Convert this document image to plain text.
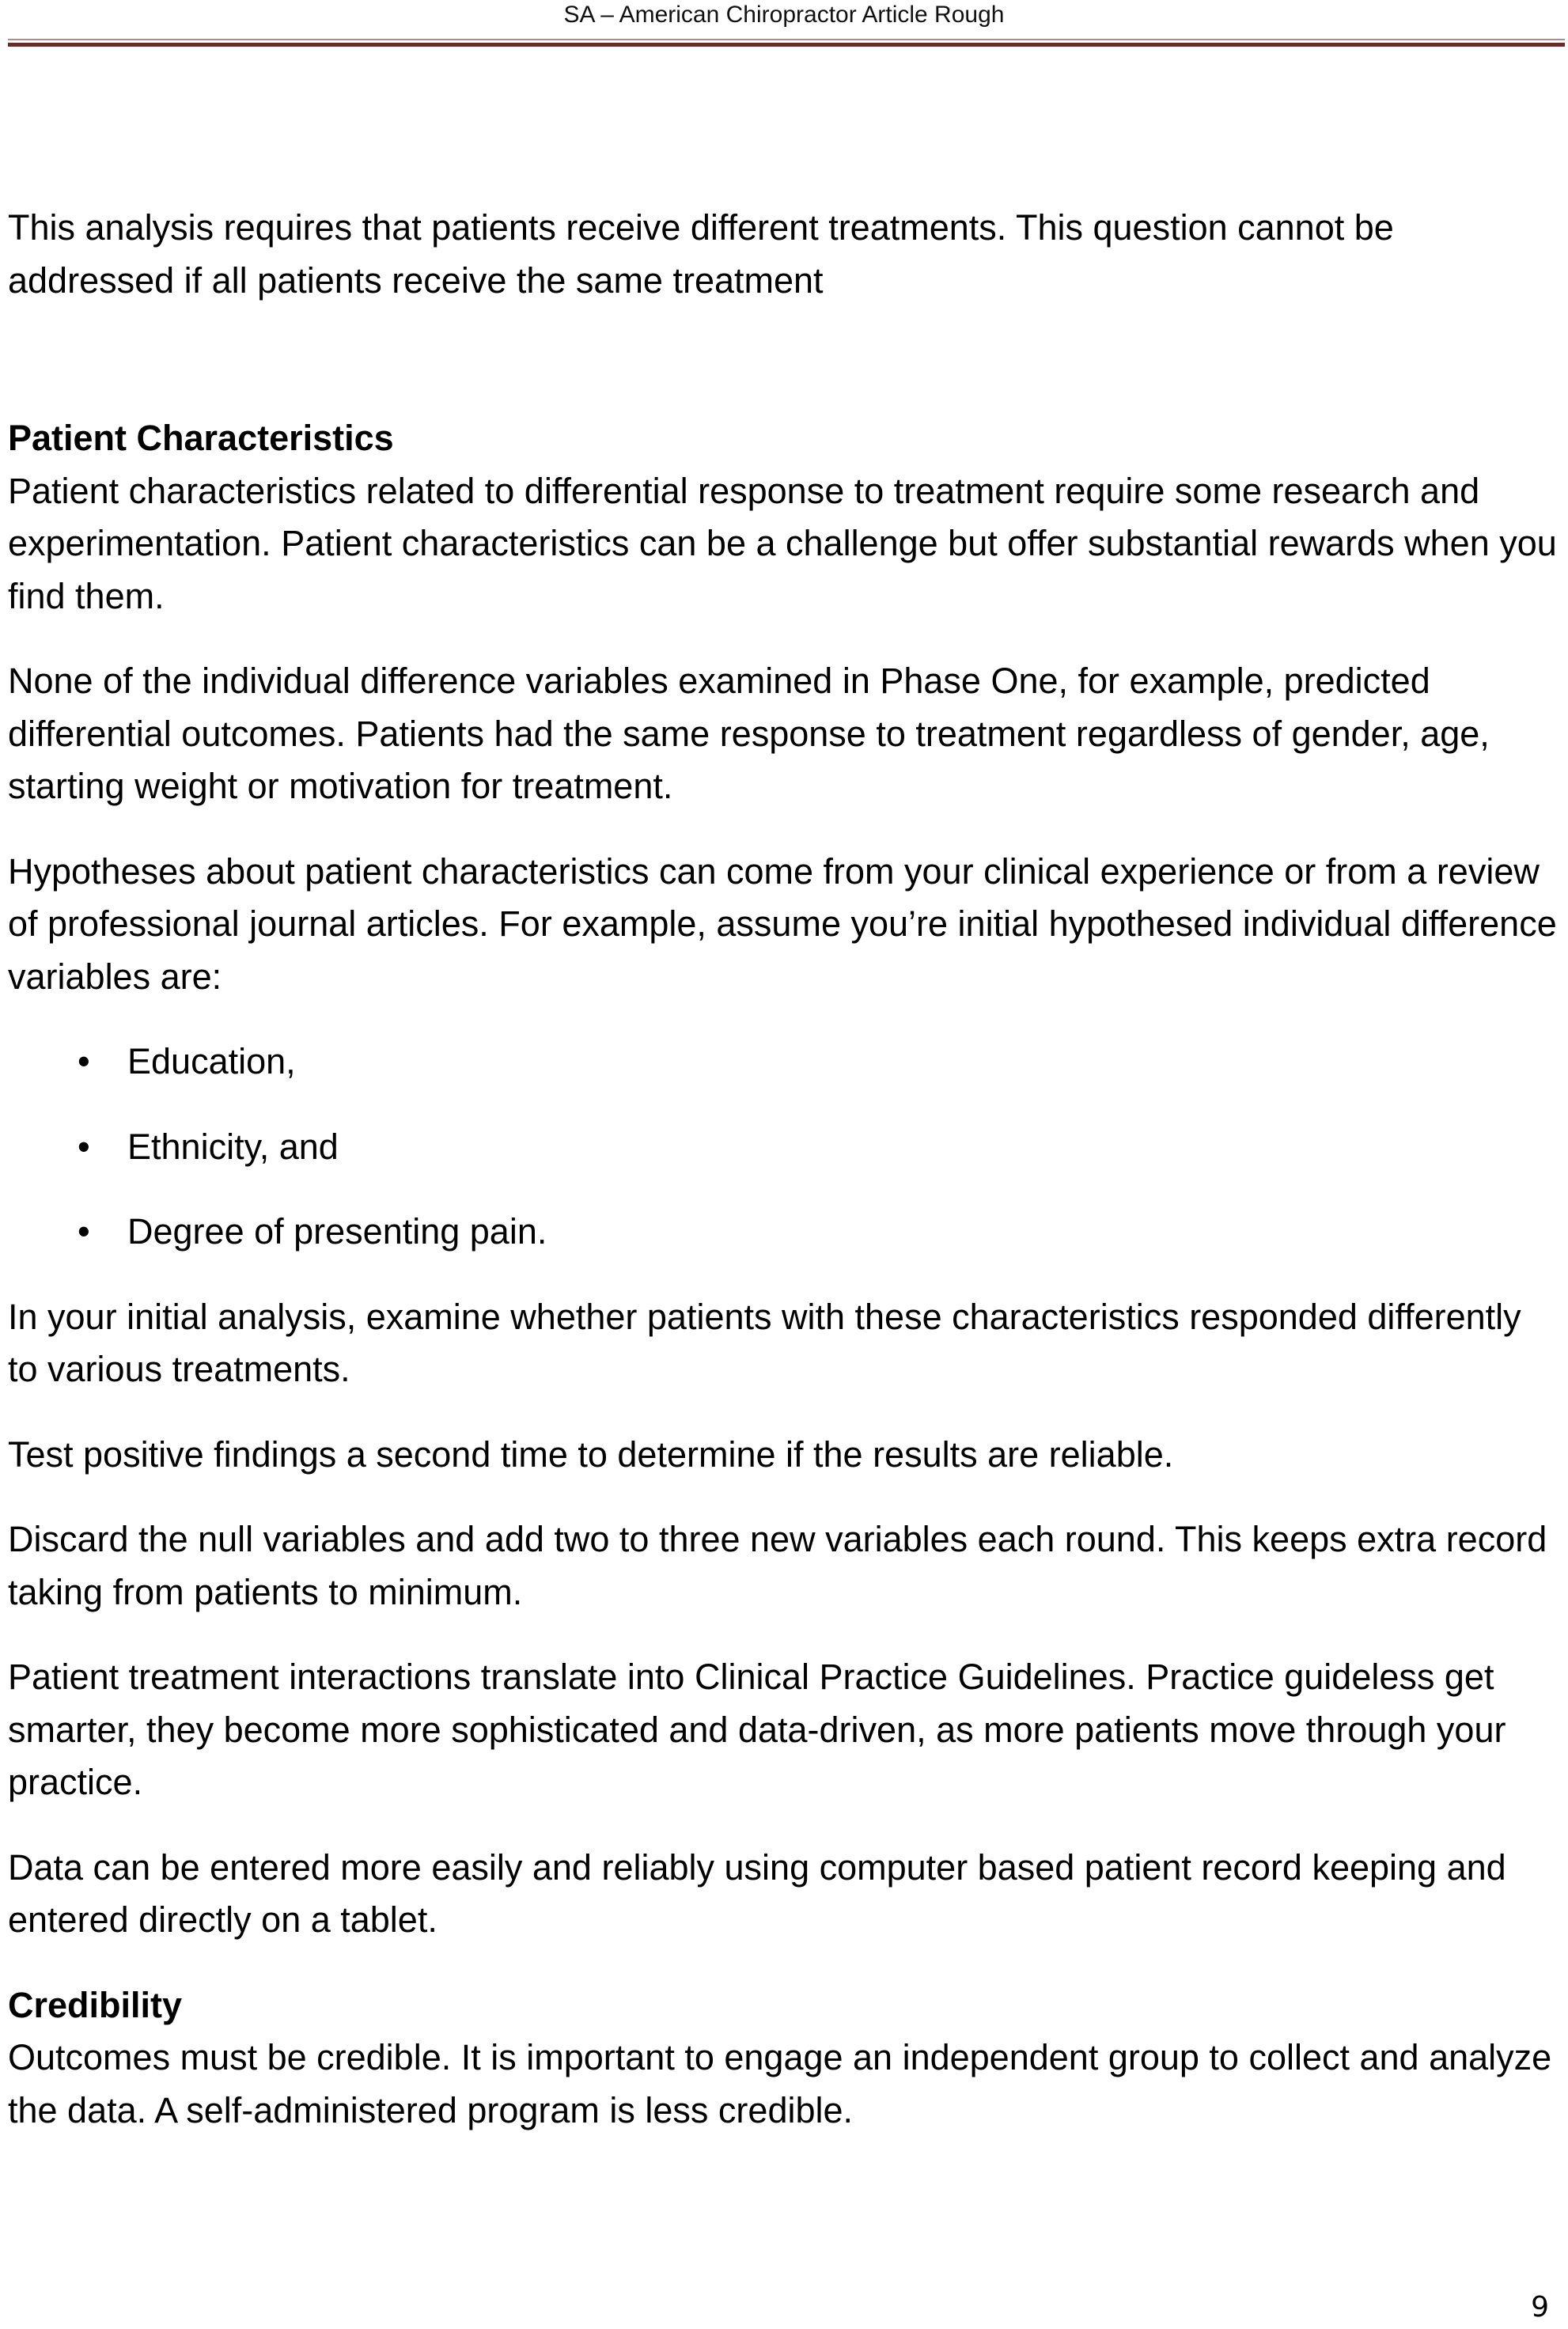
SA – American Chiropractor Article Rough

This analysis requires that patients receive different treatments. This question cannot be addressed if all patients receive the same treatment

Patient Characteristics

Patient characteristics related to differential response to treatment require some research and experimentation. Patient characteristics can be a challenge but offer substantial rewards when you find them.

None of the individual difference variables examined in Phase One, for example, predicted differential outcomes. Patients had the same response to treatment regardless of gender, age, starting weight or motivation for treatment.

Hypotheses about patient characteristics can come from your clinical experience or from a review of professional journal articles. For example, assume you’re initial hypothesed individual difference variables are:

• Education,
• Ethnicity, and
• Degree of presenting pain.

In your initial analysis, examine whether patients with these characteristics responded differently to various treatments.

Test positive findings a second time to determine if the results are reliable.

Discard the null variables and add two to three new variables each round. This keeps extra record taking from patients to minimum.

Patient treatment interactions translate into Clinical Practice Guidelines. Practice guideless get smarter, they become more sophisticated and data-driven, as more patients move through your practice.

Data can be entered more easily and reliably using computer based patient record keeping and entered directly on a tablet.

Credibility

Outcomes must be credible. It is important to engage an independent group to collect and analyze the data. A self-administered program is less credible.

9
